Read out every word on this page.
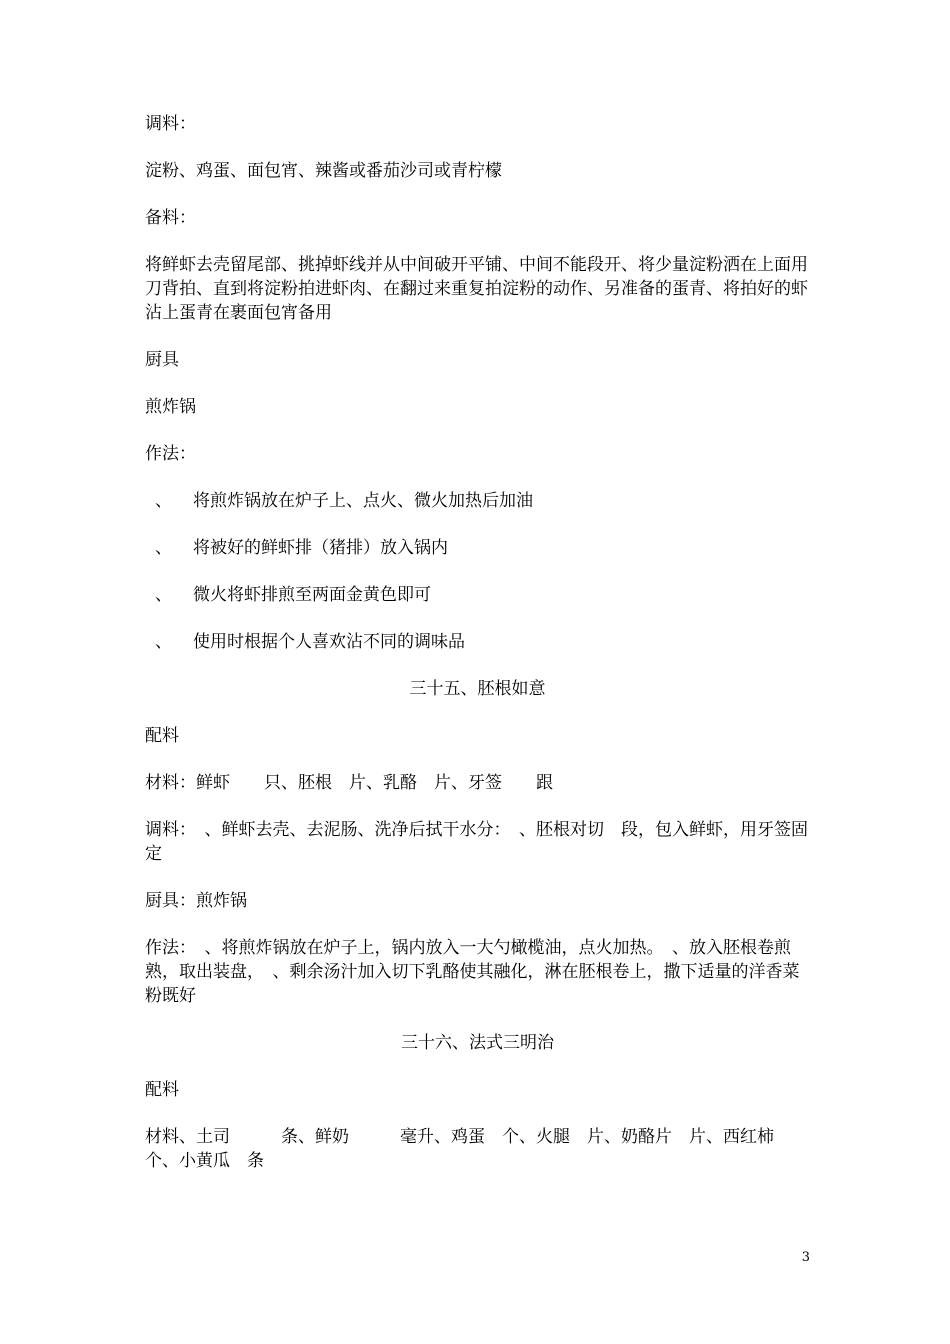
调料：
淀粉、鸡蛋、面包宵、辣酱或番茄沙司或青柠檬
备料：
将鲜虾去壳留尾部、挑掉虾线并从中间破开平铺、中间不能段开、将少量淀粉洒在上面用刀背拍、直到将淀粉拍进虾肉、在翻过来重复拍淀粉的动作、另准备的蛋青、将拍好的虾沾上蛋青在裹面包宵备用
厨具
煎炸锅
作法：
、	将煎炸锅放在炉子上、点火、微火加热后加油
、	将被好的鲜虾排（猪排）放入锅内
、	微火将虾排煎至两面金黄色即可
、	使用时根据个人喜欢沾不同的调味品
三十五、胚根如意
配料
材料：鲜虾　　只、胚根　片、乳酪　片、牙签　　跟
调料：　、鲜虾去壳、去泥肠、洗净后拭干水分：　、胚根对切　段，包入鲜虾，用牙签固定
厨具：煎炸锅
作法：　、将煎炸锅放在炉子上，锅内放入一大勺橄榄油，点火加热。　、放入胚根卷煎熟，取出装盘，　、剩余汤汁加入切下乳酪使其融化，淋在胚根卷上，撒下适量的洋香菜粉既好
三十六、法式三明治
配料
材料、土司　　　条、鲜奶　　　毫升、鸡蛋　个、火腿　片、奶酪片　片、西红柿　个、小黄瓜　条
3
